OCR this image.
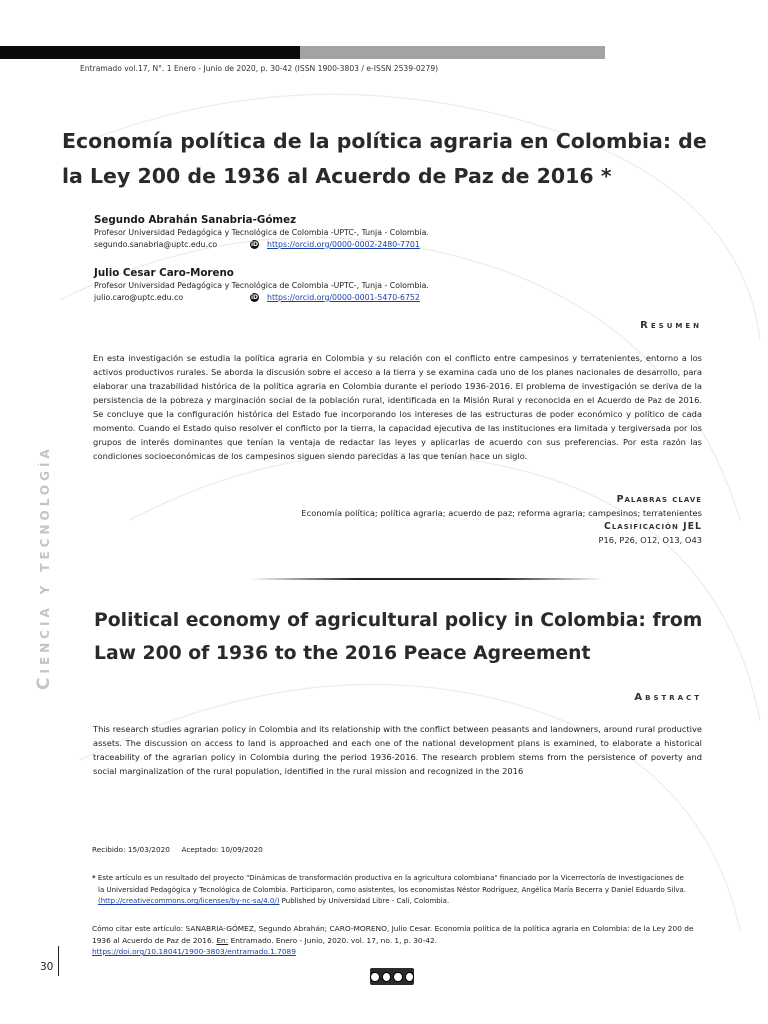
Entramado vol.17, N°. 1 Enero - Junio de 2020, p. 30-42 (ISSN 1900-3803 / e-ISSN 2539-0279)
Ciencia y tecnología
Economía política de la política agraria en Colombia: de la Ley 200 de 1936 al Acuerdo de Paz de 2016 *
Segundo Abrahán Sanabria-Gómez
Profesor Universidad Pedagógica y Tecnológica de Colombia -UPTC-, Tunja - Colombia.
segundo.sanabria@uptc.edu.co	iD https://orcid.org/0000-0002-2480-7701
Julio Cesar Caro-Moreno
Profesor Universidad Pedagógica y Tecnológica de Colombia -UPTC-, Tunja - Colombia.
julio.caro@uptc.edu.co	iD https://orcid.org/0000-0001-5470-6752
Resumen
En esta investigación se estudia la política agraria en Colombia y su relación con el conflicto entre campesinos y terratenientes, entorno a los activos productivos rurales. Se aborda la discusión sobre el acceso a la tierra y se examina cada uno de los planes nacionales de desarrollo, para elaborar una trazabilidad histórica de la política agraria en Colombia durante el periodo 1936-2016. El problema de investigación se deriva de la persistencia de la pobreza y marginación social de la población rural, identificada en la Misión Rural y reconocida en el Acuerdo de Paz de 2016. Se concluye que la configuración histórica del Estado fue incorporando los intereses de las estructuras de poder económico y político de cada momento. Cuando el Estado quiso resolver el conflicto por la tierra, la capacidad ejecutiva de las instituciones era limitada y tergiversada por los grupos de interés dominantes que tenían la ventaja de redactar las leyes y aplicarlas de acuerdo con sus preferencias. Por esta razón las condiciones socioeconómicas de los campesinos siguen siendo parecidas a las que tenían hace un siglo.
Palabras clave
Economía política; política agraria; acuerdo de paz; reforma agraria; campesinos; terratenientes
Clasificación JEL
P16, P26, O12, O13, O43
Political economy of agricultural policy in Colombia: from Law 200 of 1936 to the 2016 Peace Agreement
Abstract
This research studies agrarian policy in Colombia and its relationship with the conflict between peasants and landowners, around rural productive assets. The discussion on access to land is approached and each one of the national development plans is examined, to elaborate a historical traceability of the agrarian policy in Colombia during the period 1936-2016. The research problem stems from the persistence of poverty and social marginalization of the rural population, identified in the rural mission and recognized in the 2016
Recibido: 15/03/2020 Aceptado: 10/09/2020
* Este artículo es un resultado del proyecto "Dinámicas de transformación productiva en la agricultura colombiana" financiado por la Vicerrectoría de Investigaciones de
la Universidad Pedagógica y Tecnológica de Colombia. Participaron, como asistentes, los economistas Néstor Rodríguez, Angélica María Becerra y Daniel Eduardo Silva.
(http://creativecommons.org/licenses/by-nc-sa/4.0/) Published by Universidad Libre - Cali, Colombia.
Cómo citar este artículo: SANABRIA-GÓMEZ, Segundo Abrahán; CARO-MORENO, Julio Cesar. Economía política de la política agraria en Colombia: de la Ley 200 de 1936 al Acuerdo de Paz de 2016. En: Entramado. Enero - Junio, 2020. vol. 17, no. 1, p. 30-42.
https://doi.org/10.18041/1900-3803/entramado.1.7089
30
